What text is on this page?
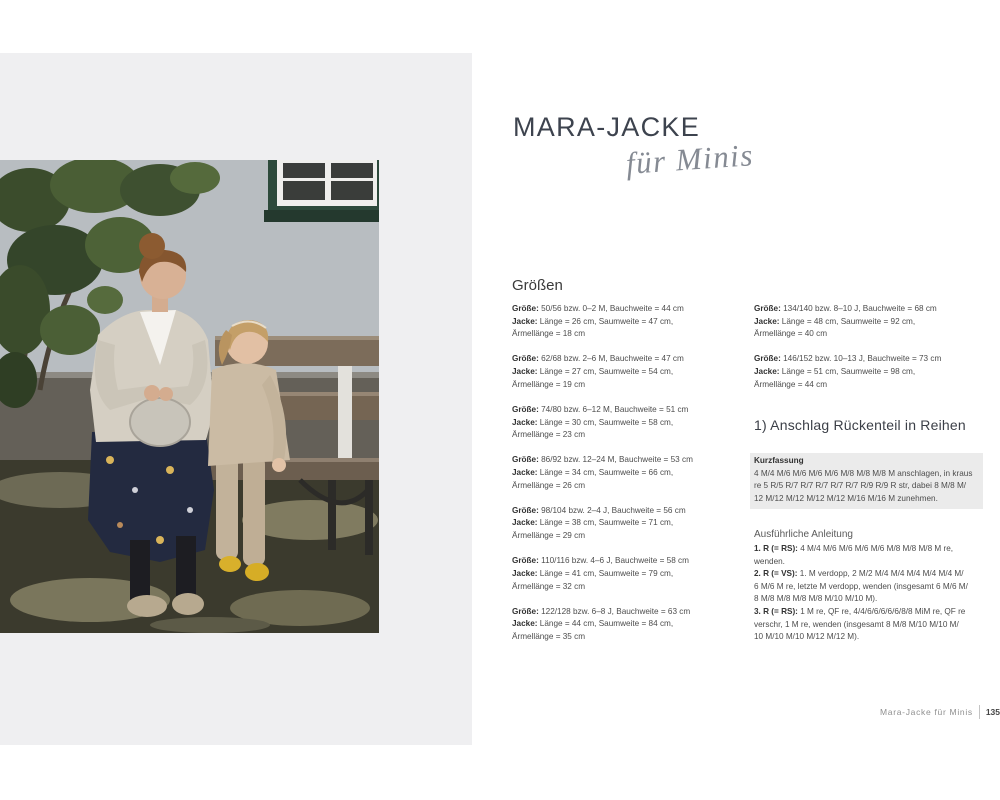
MARA-JACKE
für Minis
Größen
Größe: 50/56 bzw. 0–2 M, Bauchweite = 44 cm
Jacke: Länge = 26 cm, Saumweite = 47 cm,
Ärmellänge = 18 cm
Größe: 62/68 bzw. 2–6 M, Bauchweite = 47 cm
Jacke: Länge = 27 cm, Saumweite = 54 cm,
Ärmellänge = 19 cm
Größe: 74/80 bzw. 6–12 M, Bauchweite = 51 cm
Jacke: Länge = 30 cm, Saumweite = 58 cm,
Ärmellänge = 23 cm
Größe: 86/92 bzw. 12–24 M, Bauchweite = 53 cm
Jacke: Länge = 34 cm, Saumweite = 66 cm,
Ärmellänge = 26 cm
Größe: 98/104 bzw. 2–4 J, Bauchweite = 56 cm
Jacke: Länge = 38 cm, Saumweite = 71 cm,
Ärmellänge = 29 cm
Größe: 110/116 bzw. 4–6 J, Bauchweite = 58 cm
Jacke: Länge = 41 cm, Saumweite = 79 cm,
Ärmellänge = 32 cm
Größe: 122/128 bzw. 6–8 J, Bauchweite = 63 cm
Jacke: Länge = 44 cm, Saumweite = 84 cm,
Ärmellänge = 35 cm
Größe: 134/140 bzw. 8–10 J, Bauchweite = 68 cm
Jacke: Länge = 48 cm, Saumweite = 92 cm,
Ärmellänge = 40 cm
Größe: 146/152 bzw. 10–13 J, Bauchweite = 73 cm
Jacke: Länge = 51 cm, Saumweite = 98 cm,
Ärmellänge = 44 cm
1) Anschlag Rückenteil in Reihen
Kurzfassung
4 M/4 M/6 M/6 M/6 M/6 M/8 M/8 M/8 M anschlagen, in kraus
re 5 R/5 R/7 R/7 R/7 R/7 R/7 R/9 R/9 R str, dabei 8 M/8 M/
12 M/12 M/12 M/12 M/12 M/16 M/16 M zunehmen.
Ausführliche Anleitung
1. R (= RS): 4 M/4 M/6 M/6 M/6 M/6 M/8 M/8 M/8 M re,
wenden.
2. R (= VS): 1. M verdopp, 2 M/2 M/4 M/4 M/4 M/4 M/4 M/
6 M/6 M re, letzte M verdopp, wenden (insgesamt 6 M/6 M/
8 M/8 M/8 M/8 M/8 M/10 M/10 M).
3. R (= RS): 1 M re, QF re, 4/4/6/6/6/6/6/8/8 MiM re, QF re
verschr, 1 M re, wenden (insgesamt 8 M/8 M/10 M/10 M/
10 M/10 M/10 M/12 M/12 M).
Mara-Jacke für Minis 135
